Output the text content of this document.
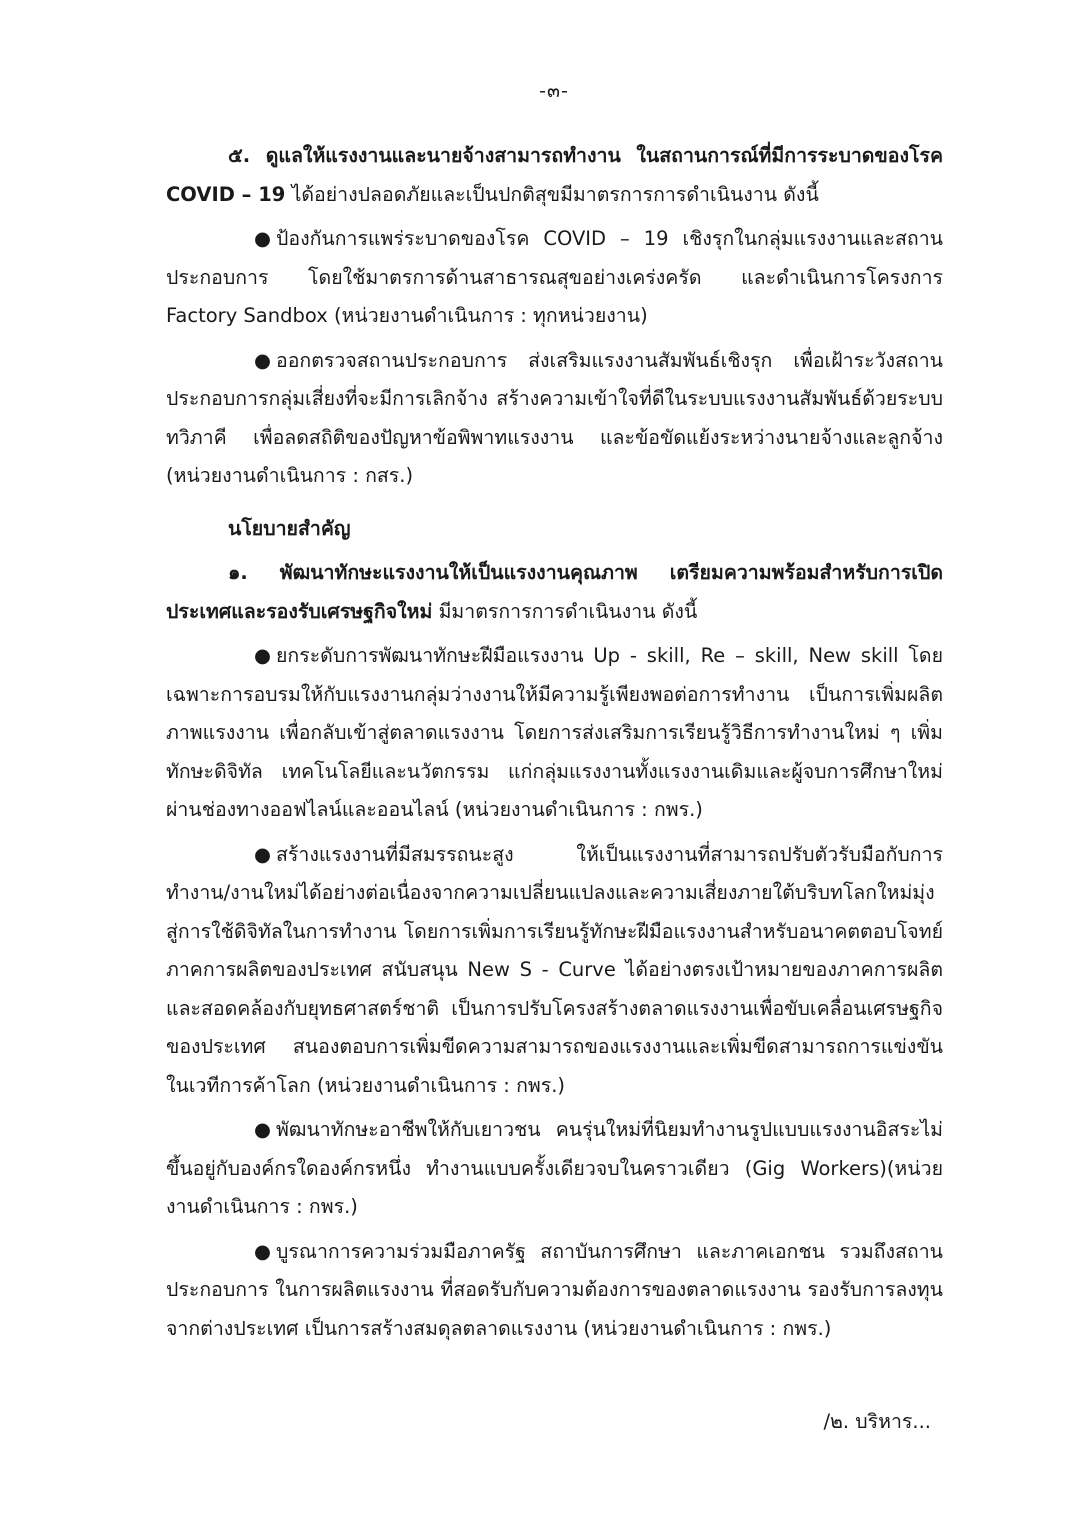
-๓-

๕. ดูแลให้แรงงานและนายจ้างสามารถทำงาน ในสถานการณ์ที่มีการระบาดของโรค COVID – 19 ได้อย่างปลอดภัยและเป็นปกติสุขมีมาตรการการดำเนินงาน ดังนี้

● ป้องกันการแพร่ระบาดของโรค COVID – 19 เชิงรุกในกลุ่มแรงงานและสถานประกอบการ โดยใช้มาตรการด้านสาธารณสุขอย่างเคร่งครัด และดำเนินการโครงการ Factory Sandbox (หน่วยงานดำเนินการ : ทุกหน่วยงาน)

● ออกตรวจสถานประกอบการ ส่งเสริมแรงงานสัมพันธ์เชิงรุก เพื่อเฝ้าระวังสถานประกอบการกลุ่มเสี่ยงที่จะมีการเลิกจ้าง สร้างความเข้าใจที่ดีในระบบแรงงานสัมพันธ์ด้วยระบบทวิภาคี เพื่อลดสถิติของปัญหาข้อพิพาทแรงงาน และข้อขัดแย้งระหว่างนายจ้างและลูกจ้าง (หน่วยงานดำเนินการ : กสร.)

นโยบายสำคัญ

๑. พัฒนาทักษะแรงงานให้เป็นแรงงานคุณภาพ เตรียมความพร้อมสำหรับการเปิดประเทศและรองรับเศรษฐกิจใหม่ มีมาตรการการดำเนินงาน ดังนี้

● ยกระดับการพัฒนาทักษะฝีมือแรงงาน Up - skill, Re – skill, New skill โดยเฉพาะการอบรมให้กับแรงงานกลุ่มว่างงานให้มีความรู้เพียงพอต่อการทำงาน เป็นการเพิ่มผลิตภาพแรงงาน เพื่อกลับเข้าสู่ตลาดแรงงาน โดยการส่งเสริมการเรียนรู้วิธีการทำงานใหม่ ๆ เพิ่มทักษะดิจิทัล เทคโนโลยีและนวัตกรรม แก่กลุ่มแรงงานทั้งแรงงานเดิมและผู้จบการศึกษาใหม่ผ่านช่องทางออฟไลน์และออนไลน์ (หน่วยงานดำเนินการ : กพร.)

● สร้างแรงงานที่มีสมรรถนะสูง ให้เป็นแรงงานที่สามารถปรับตัวรับมือกับการทำงาน/งานใหม่ได้อย่างต่อเนื่องจากความเปลี่ยนแปลงและความเสี่ยงภายใต้บริบทโลกใหม่มุ่งสู่การใช้ดิจิทัลในการทำงาน โดยการเพิ่มการเรียนรู้ทักษะฝีมือแรงงานสำหรับอนาคตตอบโจทย์ภาคการผลิตของประเทศ สนับสนุน New S - Curve ได้อย่างตรงเป้าหมายของภาคการผลิต และสอดคล้องกับยุทธศาสตร์ชาติ เป็นการปรับโครงสร้างตลาดแรงงานเพื่อขับเคลื่อนเศรษฐกิจของประเทศ สนองตอบการเพิ่มขีดความสามารถของแรงงานและเพิ่มขีดสามารถการแข่งขันในเวทีการค้าโลก (หน่วยงานดำเนินการ : กพร.)

● พัฒนาทักษะอาชีพให้กับเยาวชน คนรุ่นใหม่ที่นิยมทำงานรูปแบบแรงงานอิสระไม่ขึ้นอยู่กับองค์กรใดองค์กรหนึ่ง ทำงานแบบครั้งเดียวจบในคราวเดียว (Gig Workers)(หน่วยงานดำเนินการ : กพร.)

● บูรณาการความร่วมมือภาครัฐ สถาบันการศึกษา และภาคเอกชน รวมถึงสถานประกอบการ ในการผลิตแรงงาน ที่สอดรับกับความต้องการของตลาดแรงงาน รองรับการลงทุนจากต่างประเทศ เป็นการสร้างสมดุลตลาดแรงงาน (หน่วยงานดำเนินการ : กพร.)

/๒. บริหาร...
